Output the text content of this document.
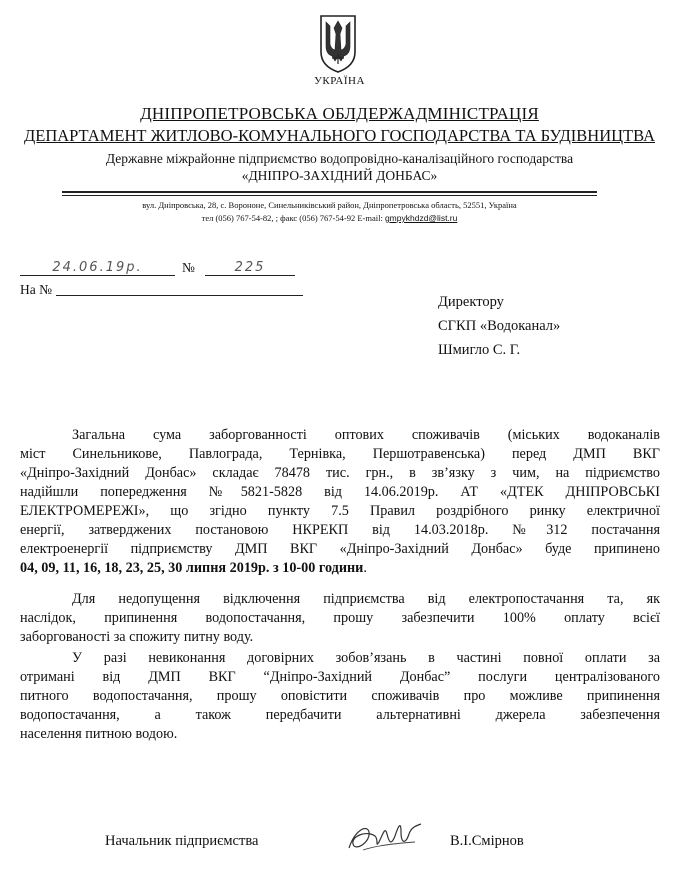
УКРАЇНА
ДНІПРОПЕТРОВСЬКА ОБЛДЕРЖАДМІНІСТРАЦІЯ
ДЕПАРТАМЕНТ ЖИТЛОВО-КОМУНАЛЬНОГО ГОСПОДАРСТВА ТА БУДІВНИЦТВА
Державне міжрайонне підприємство водопровідно-каналізаційного господарства
«ДНІПРО-ЗАХІДНИЙ ДОНБАС»
вул. Дніпровська, 28, с. Ворононе, Синельниківський район, Дніпропетровська область, 52551, Україна
тел (056) 767-54-82, ; факс (056) 767-54-92 E-mail: gmpykhdzd@list.ru
24.06.19р.	№	225
На №
Директору
СГКП «Водоканал»
Шмигло С. Г.
Загальна сума заборгованності оптових споживачів (міських водоканалів
міст Синельникове, Павлограда, Тернівка, Першотравенська) перед ДМП ВКГ
«Дніпро-Західний Донбас» складає 78478 тис. грн., в зв’язку з чим, на підриємство
надійшли попередження №5821-5828 від 14.06.2019р. АТ «ДТЕК ДНІПРОВСЬКІ
ЕЛЕКТРОМЕРЕЖІ», що згідно пункту 7.5 Правил роздрібного ринку електричної
енергії, затверджених постановою НКРЕКП від 14.03.2018р. №312 постачання
електроенергії підприємству ДМП ВКГ «Дніпро-Західний Донбас» буде припинено
04, 09, 11, 16, 18, 23, 25, 30 липня 2019р. з 10-00 години.
Для недопущення відключення підприємства від електропостачання та, як
наслідок, припинення водопостачання, прошу забезпечити 100% оплату всієї
заборгованості за спожиту питну воду.
У разі невиконання договірних зобов’язань в частині повної оплати за
отримані від ДМП ВКГ “Дніпро-Західний Донбас” послуги централізованого
питного водопостачання, прошу оповістити споживачів про можливе припинення
водопостачання, а також передбачити альтернативні джерела забезпечення
населення питною водою.
Начальник підприємства	В.І.Смірнов
